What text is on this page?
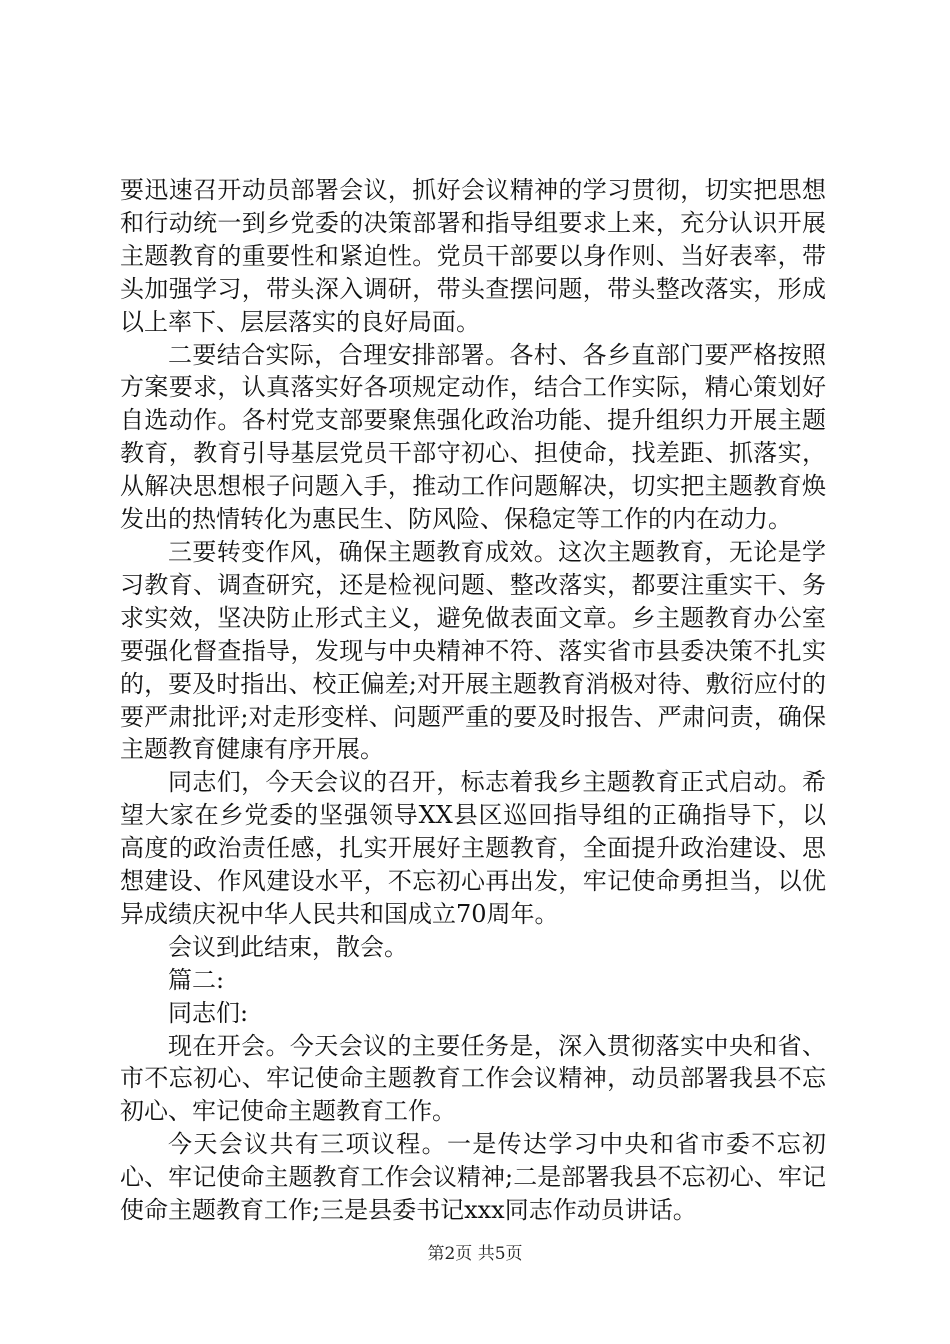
要迅速召开动员部署会议，抓好会议精神的学习贯彻，切实把思想和行动统一到乡党委的决策部署和指导组要求上来，充分认识开展主题教育的重要性和紧迫性。党员干部要以身作则、当好表率，带头加强学习，带头深入调研，带头查摆问题，带头整改落实，形成以上率下、层层落实的良好局面。

二要结合实际，合理安排部署。各村、各乡直部门要严格按照方案要求，认真落实好各项规定动作，结合工作实际，精心策划好自选动作。各村党支部要聚焦强化政治功能、提升组织力开展主题教育，教育引导基层党员干部守初心、担使命，找差距、抓落实，从解决思想根子问题入手，推动工作问题解决，切实把主题教育焕发出的热情转化为惠民生、防风险、保稳定等工作的内在动力。

三要转变作风，确保主题教育成效。这次主题教育，无论是学习教育、调查研究，还是检视问题、整改落实，都要注重实干、务求实效，坚决防止形式主义，避免做表面文章。乡主题教育办公室要强化督查指导，发现与中央精神不符、落实省市县委决策不扎实的，要及时指出、校正偏差;对开展主题教育消极对待、敷衍应付的要严肃批评;对走形变样、问题严重的要及时报告、严肃问责，确保主题教育健康有序开展。

同志们，今天会议的召开，标志着我乡主题教育正式启动。希望大家在乡党委的坚强领导XX县区巡回指导组的正确指导下，以高度的政治责任感，扎实开展好主题教育，全面提升政治建设、思想建设、作风建设水平，不忘初心再出发，牢记使命勇担当，以优异成绩庆祝中华人民共和国成立70周年。

会议到此结束，散会。

篇二:

同志们:

现在开会。今天会议的主要任务是，深入贯彻落实中央和省、市不忘初心、牢记使命主题教育工作会议精神，动员部署我县不忘初心、牢记使命主题教育工作。

今天会议共有三项议程。一是传达学习中央和省市委不忘初心、牢记使命主题教育工作会议精神;二是部署我县不忘初心、牢记使命主题教育工作;三是县委书记xxx同志作动员讲话。

第2页 共5页
